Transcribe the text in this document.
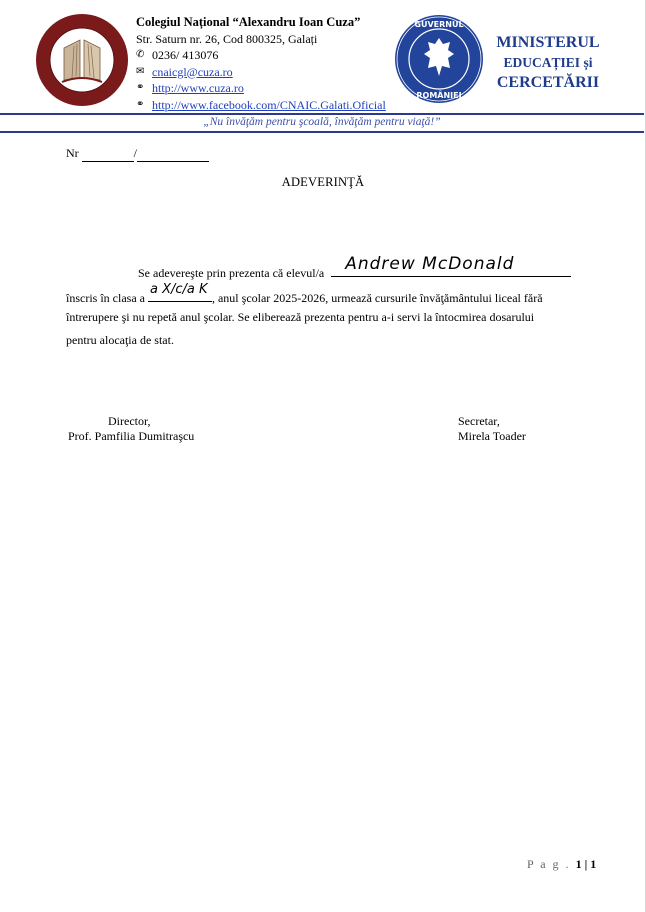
Colegiul Național “Alexandru Ioan Cuza”
Str. Saturn nr. 26, Cod 800325, Galați
✆ 0236/ 413076
✉ cnaicgl@cuza.ro
⚭ http://www.cuza.ro
⚭ http://www.facebook.com/CNAIC.Galati.Oficial
GUVERNUL
ROMÂNIEI
MINISTERUL
EDUCAȚIEI și
CERCETĂRII
„Nu învăţăm pentru şcoală, învăţăm pentru viaţă!”
Nr	/
ADEVERINŢĂ
Se adevereşte prin prezenta că elevul/a Andrew McDonald
înscris în clasa a
a X/c/a K
, anul şcolar 2025-2026, urmează cursurile învăţământului liceal fără
întrerupere şi nu repetă anul şcolar. Se eliberează prezenta pentru a-i servi la întocmirea dosarului
pentru alocaţia de stat.
Director,
Prof. Pamfilia Dumitraşcu
Secretar,
Mirela Toader
P a g . 1 | 1
